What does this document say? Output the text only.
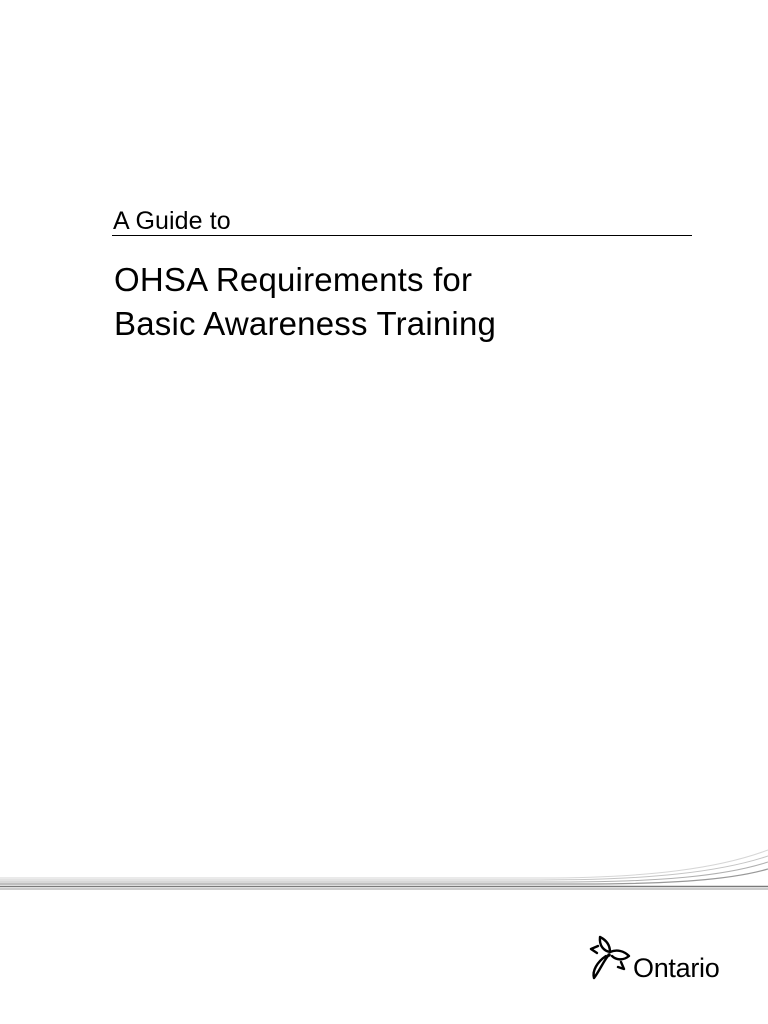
A Guide to
OHSA Requirements for
Basic Awareness Training
Ontario
